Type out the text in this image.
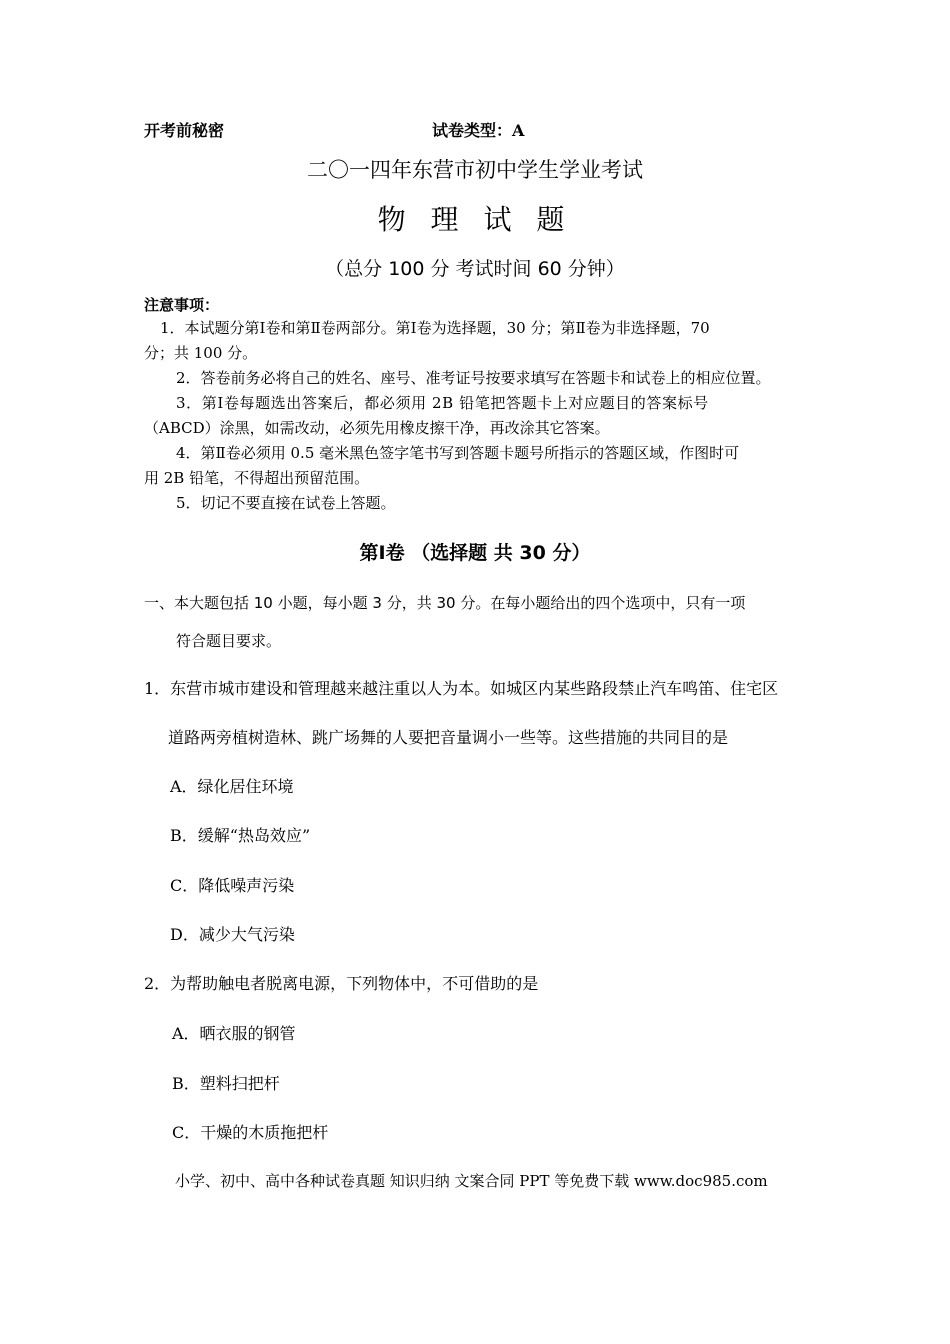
开考前秘密	试卷类型：A
二〇一四年东营市初中学生学业考试
物 理 试 题
（总分 100 分 考试时间 60 分钟）
注意事项：
1．本试题分第Ⅰ卷和第Ⅱ卷两部分。第Ⅰ卷为选择题，30 分；第Ⅱ卷为非选择题，70
分；共 100 分。
2．答卷前务必将自己的姓名、座号、准考证号按要求填写在答题卡和试卷上的相应位置。
3．第Ⅰ卷每题选出答案后，都必须用 2B 铅笔把答题卡上对应题目的答案标号
（ABCD）涂黑，如需改动，必须先用橡皮擦干净，再改涂其它答案。
4．第Ⅱ卷必须用 0.5 毫米黑色签字笔书写到答题卡题号所指示的答题区域，作图时可
用 2B 铅笔，不得超出预留范围。
5．切记不要直接在试卷上答题。
第Ⅰ卷 （选择题 共 30 分）
一、本大题包括 10 小题，每小题 3 分，共 30 分。在每小题给出的四个选项中，只有一项
符合题目要求。
1．东营市城市建设和管理越来越注重以人为本。如城区内某些路段禁止汽车鸣笛、住宅区
道路两旁植树造林、跳广场舞的人要把音量调小一些等。这些措施的共同目的是
A．绿化居住环境
B．缓解“热岛效应”
C．降低噪声污染
D．减少大气污染
2．为帮助触电者脱离电源，下列物体中，不可借助的是
A．晒衣服的钢管
B．塑料扫把杆
C．干燥的木质拖把杆
小学、初中、高中各种试卷真题 知识归纳 文案合同 PPT 等免费下载 www.doc985.com
